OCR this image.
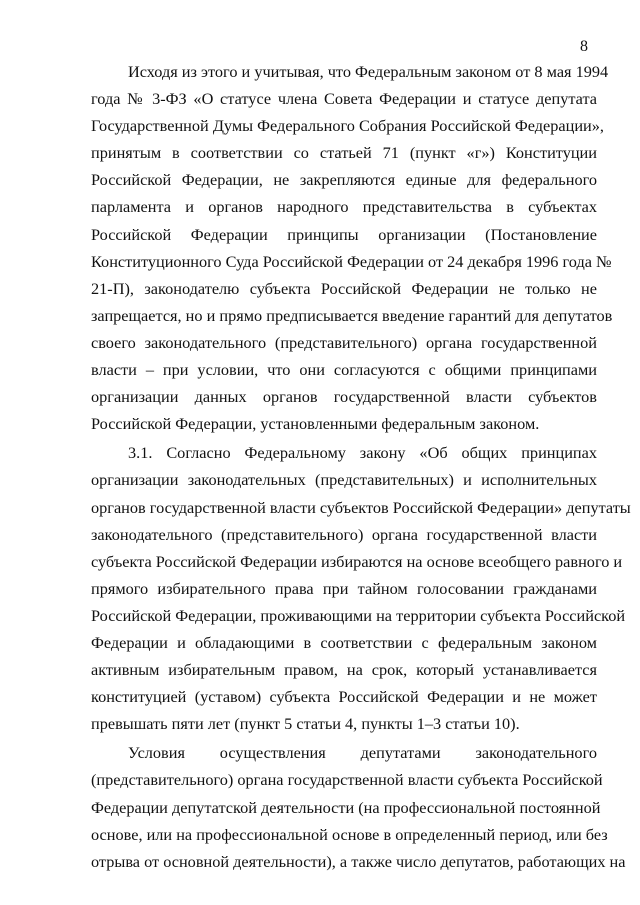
8
Исходя из этого и учитывая, что Федеральным законом от 8 мая 1994
года № 3-ФЗ «О статусе члена Совета Федерации и статусе депутата
Государственной Думы Федерального Собрания Российской Федерации»,
принятым в соответствии со статьей 71 (пункт «г») Конституции
Российской Федерации, не закрепляются единые для федерального
парламента и органов народного представительства в субъектах
Российской Федерации принципы организации (Постановление
Конституционного Суда Российской Федерации от 24 декабря 1996 года №
21-П), законодателю субъекта Российской Федерации не только не
запрещается, но и прямо предписывается введение гарантий для депутатов
своего законодательного (представительного) органа государственной
власти – при условии, что они согласуются с общими принципами
организации данных органов государственной власти субъектов
Российской Федерации, установленными федеральным законом.
3.1. Согласно Федеральному закону «Об общих принципах
организации законодательных (представительных) и исполнительных
органов государственной власти субъектов Российской Федерации» депутаты
законодательного (представительного) органа государственной власти
субъекта Российской Федерации избираются на основе всеобщего равного и
прямого избирательного права при тайном голосовании гражданами
Российской Федерации, проживающими на территории субъекта Российской
Федерации и обладающими в соответствии с федеральным законом
активным избирательным правом, на срок, который устанавливается
конституцией (уставом) субъекта Российской Федерации и не может
превышать пяти лет (пункт 5 статьи 4, пункты 1–3 статьи 10).
Условия осуществления депутатами законодательного
(представительного) органа государственной власти субъекта Российской
Федерации депутатской деятельности (на профессиональной постоянной
основе, или на профессиональной основе в определенный период, или без
отрыва от основной деятельности), а также число депутатов, работающих на
